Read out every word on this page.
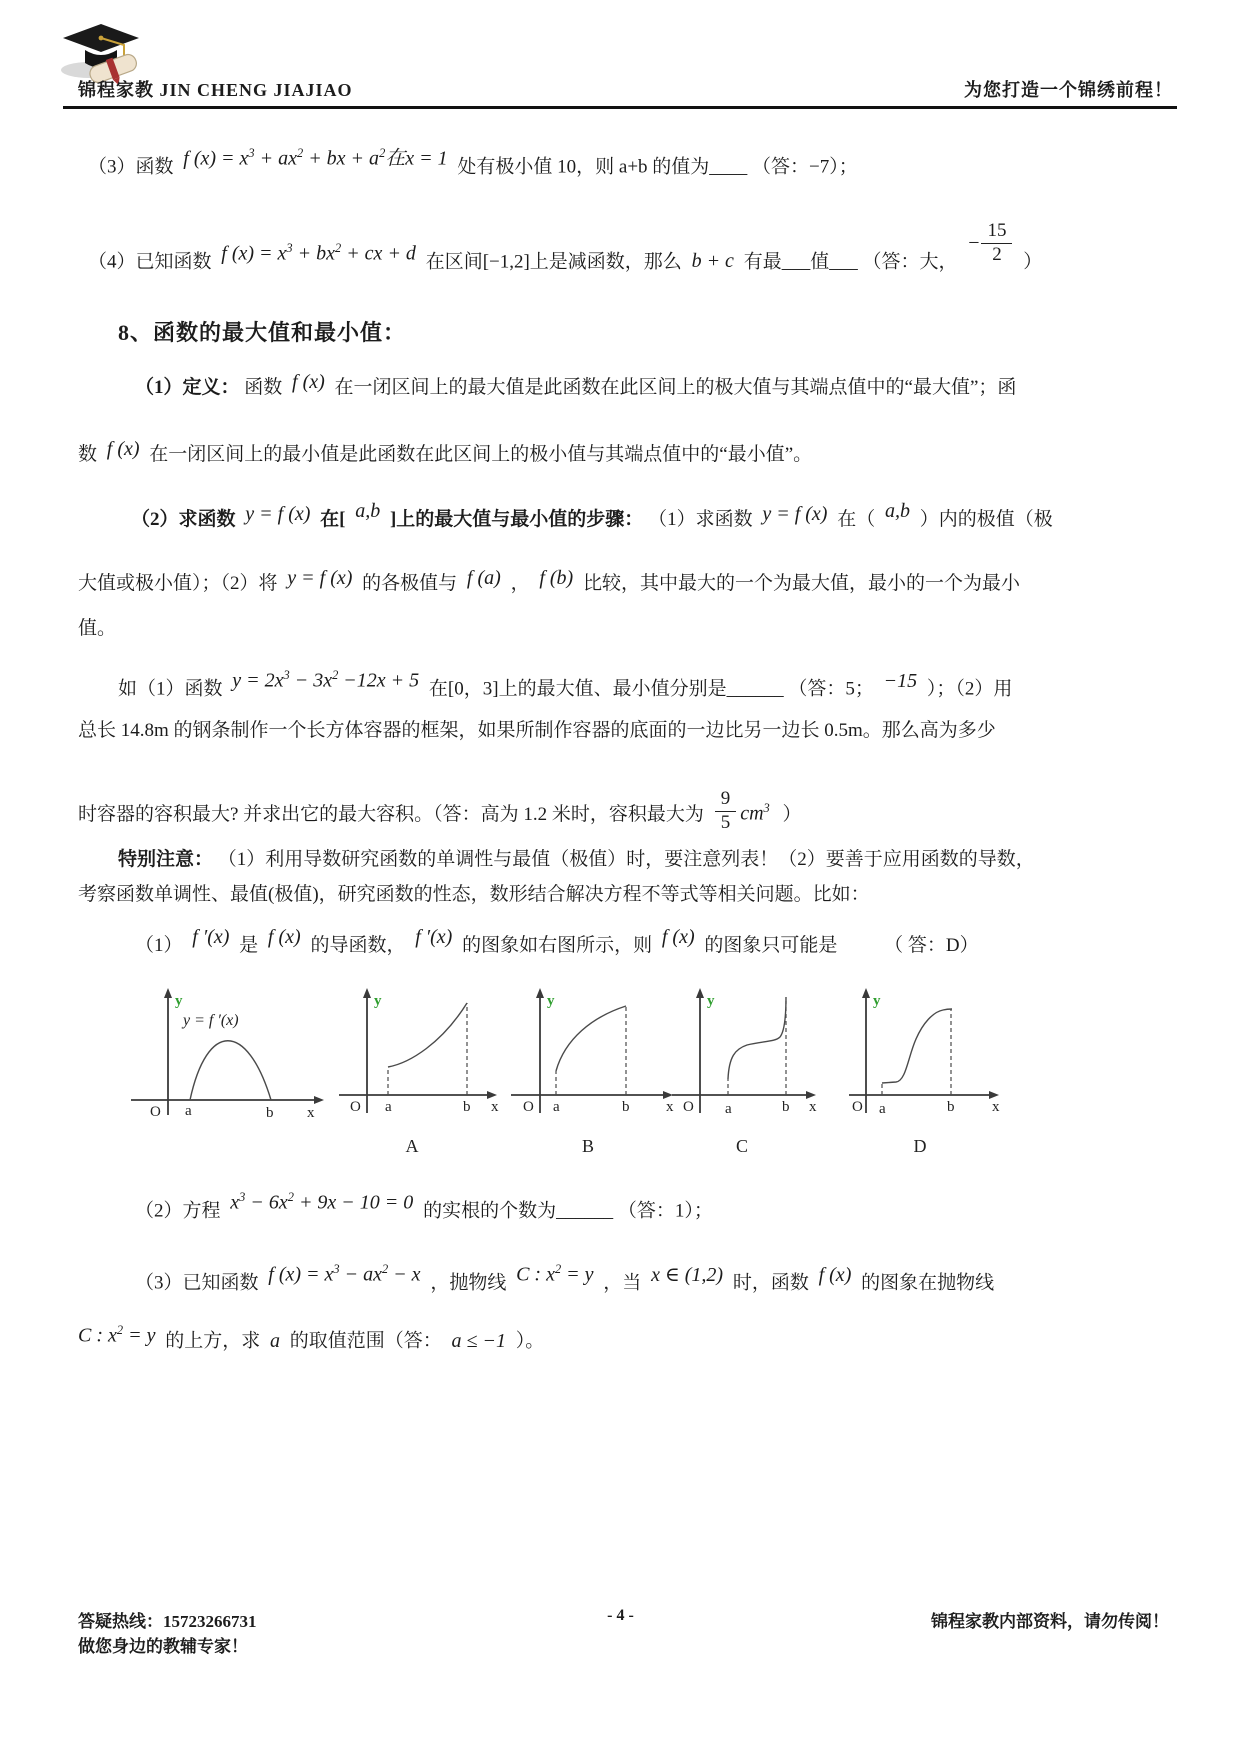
锦程家教 JIN CHENG JIAJIAO	为您打造一个锦绣前程！
（3）函数 f $(x) = x^3 + ax^2$ + bx + $a^2$在x = 1 处有极小值 10，则 a+b 的值为____ （答：−7）；
（4）已知函数 f $(x) = x^3 + bx^2$ + cx + d 在区间[−1,2]上是减函数，那么 b + c 有最___值___ （答：大，
− $\frac{15}{2}$ ）
8、函数的最大值和最小值：
（1）定义： 函数 f (x) 在一闭区间上的最大值是此函数在此区间上的极大值与其端点值中的“最大值”；函
数 f (x) 在一闭区间上的最小值是此函数在此区间上的极小值与其端点值中的“最小值”。
（2）求函数 y = f (x) 在[ a,b ]上的最大值与最小值的步骤： （1）求函数 y = f (x) 在（ a,b ）内的极值（极
大值或极小值）；（2）将 y = f (x) 的各极值与 f (a) ， f (b) 比较，其中最大的一个为最大值，最小的一个为最小
值。
如（1）函数 $y = 2x^3 - 3x^2 -12x + 5$ 在[0，3]上的最大值、最小值分别是______ （答：5； −15 ）；（2）用
总长 14.8m 的钢条制作一个长方体容器的框架，如果所制作容器的底面的一边比另一边长 0.5m。那么高为多少
时容器的容积最大? 并求出它的最大容积。（答：高为 1.2 米时，容积最大为 $\frac{9}{5} cm^3$ ）
特别注意： （1）利用导数研究函数的单调性与最值（极值）时，要注意列表！（2）要善于应用函数的导数，
考察函数单调性、最值(极值)，研究函数的性态，数形结合解决方程不等式等相关问题。比如：
（1） f ′(x) 是 f (x) 的导函数， f ′(x) 的图象如右图所示，则 f (x) 的图象只可能是 （ 答：D）
y = f ′(x)
O a	b x
y
O a	b x
y
O a	b x
y
O a	b x
y
O a	b	x
y
A	B	C	D
（2）方程 $x^3 - 6x^2 + 9x - 10 = 0$ 的实根的个数为______ （答：1）；
（3）已知函数 f $(x) = x^3 - ax^2 - x$ ，抛物线 C : $x^2 = y$ ，当 x ∈ (1,2) 时，函数 f (x) 的图象在抛物线
C : $x^2 = y$ 的上方，求 a 的取值范围（答： a ≤ −1 ）。
答疑热线：15723266731
做您身边的教辅专家！
- 4 -	锦程家教内部资料，请勿传阅！
